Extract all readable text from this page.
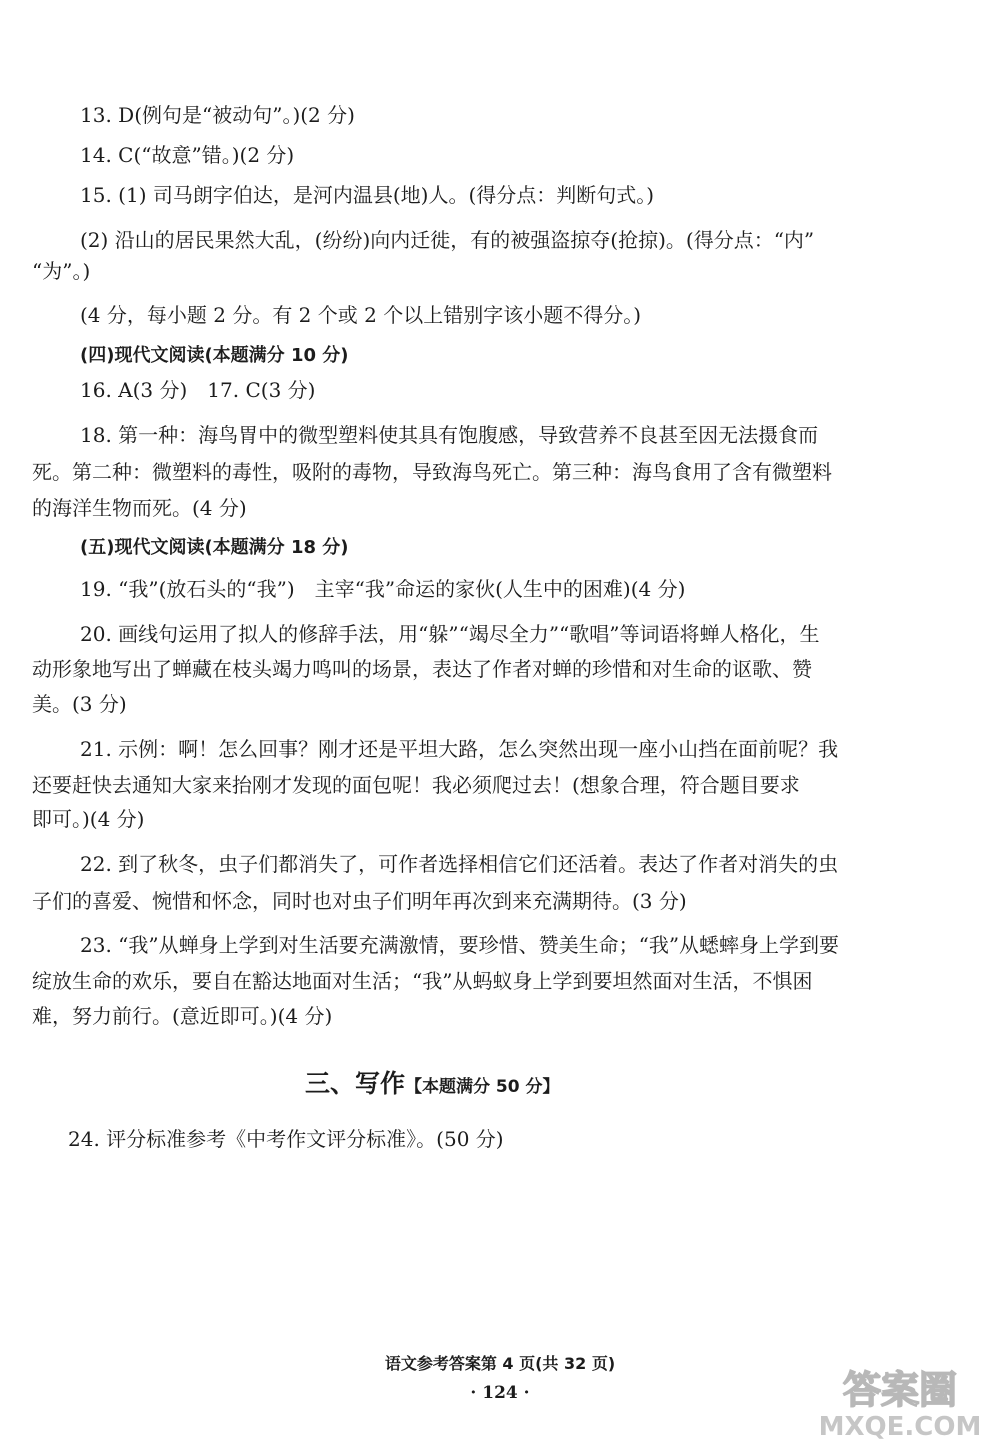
13. D(例句是“被动句”。)(2 分)
14. C(“故意”错。)(2 分)
15. (1) 司马朗字伯达，是河内温县(地)人。(得分点：判断句式。)
(2) 沿山的居民果然大乱，(纷纷)向内迁徙，有的被强盗掠夺(抢掠)。(得分点：“内”
“为”。)
(4 分，每小题 2 分。有 2 个或 2 个以上错别字该小题不得分。)
(四)现代文阅读(本题满分 10 分)
16. A(3 分)　17. C(3 分)
18. 第一种：海鸟胃中的微型塑料使其具有饱腹感，导致营养不良甚至因无法摄食而
死。第二种：微塑料的毒性，吸附的毒物，导致海鸟死亡。第三种：海鸟食用了含有微塑料
的海洋生物而死。(4 分)
(五)现代文阅读(本题满分 18 分)
19. “我”(放石头的“我”)　主宰“我”命运的家伙(人生中的困难)(4 分)
20. 画线句运用了拟人的修辞手法，用“躲”“竭尽全力”“歌唱”等词语将蝉人格化，生
动形象地写出了蝉藏在枝头竭力鸣叫的场景，表达了作者对蝉的珍惜和对生命的讴歌、赞
美。(3 分)
21. 示例：啊！怎么回事？刚才还是平坦大路，怎么突然出现一座小山挡在面前呢？我
还要赶快去通知大家来抬刚才发现的面包呢！我必须爬过去！(想象合理，符合题目要求
即可。)(4 分)
22. 到了秋冬，虫子们都消失了，可作者选择相信它们还活着。表达了作者对消失的虫
子们的喜爱、惋惜和怀念，同时也对虫子们明年再次到来充满期待。(3 分)
23. “我”从蝉身上学到对生活要充满激情，要珍惜、赞美生命；“我”从蟋蟀身上学到要
绽放生命的欢乐，要自在豁达地面对生活；“我”从蚂蚁身上学到要坦然面对生活，不惧困
难，努力前行。(意近即可。)(4 分)
三、写作【本题满分 50 分】
24. 评分标准参考《中考作文评分标准》。(50 分)
语文参考答案第 4 页(共 32 页)
· 124 ·	答案圈
MXQE.COM
